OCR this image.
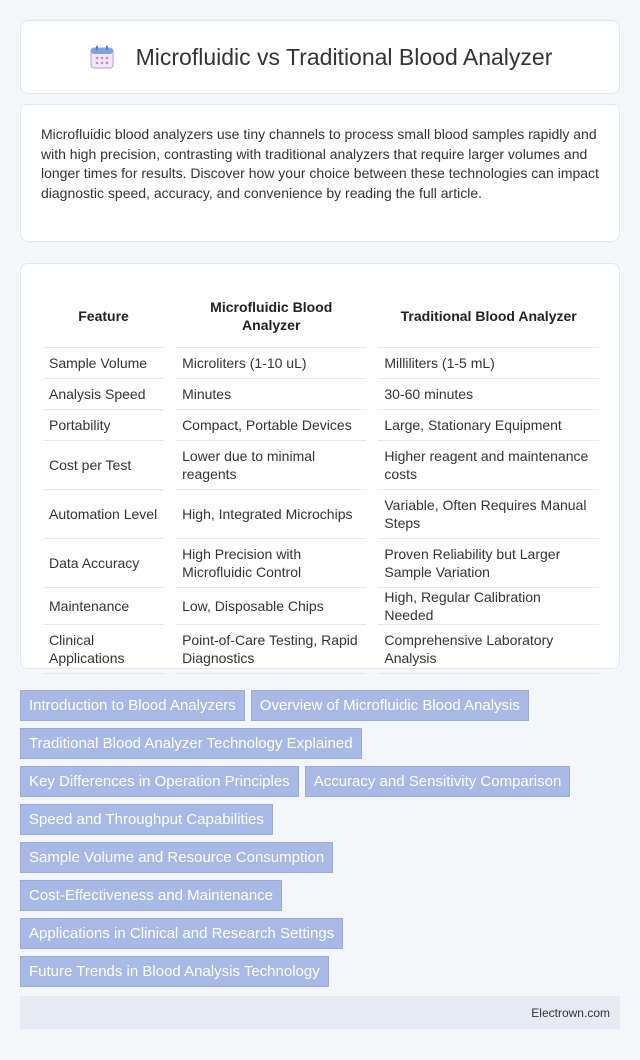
Microfluidic vs Traditional Blood Analyzer

Microfluidic blood analyzers use tiny channels to process small blood samples rapidly and with high precision, contrasting with traditional analyzers that require larger volumes and longer times for results. Discover how your choice between these technologies can impact diagnostic speed, accuracy, and convenience by reading the full article.

Feature		Microfluidic Blood Analyzer		Traditional Blood Analyzer
Sample Volume		Microliters (1-10 uL)		Milliliters (1-5 mL)
Analysis Speed		Minutes		30-60 minutes
Portability		Compact, Portable Devices		Large, Stationary Equipment
Cost per Test		Lower due to minimal reagents		Higher reagent and maintenance costs
Automation Level		High, Integrated Microchips		Variable, Often Requires Manual Steps
Data Accuracy		High Precision with Microfluidic Control		Proven Reliability but Larger Sample Variation
Maintenance		Low, Disposable Chips		High, Regular Calibration Needed
Clinical Applications		Point-of-Care Testing, Rapid Diagnostics		Comprehensive Laboratory Analysis
Introduction to Blood Analyzers	Overview of Microfluidic Blood Analysis
Traditional Blood Analyzer Technology Explained
Key Differences in Operation Principles	Accuracy and Sensitivity Comparison
Speed and Throughput Capabilities
Sample Volume and Resource Consumption
Cost-Effectiveness and Maintenance
Applications in Clinical and Research Settings
Future Trends in Blood Analysis Technology
Electrown.com
